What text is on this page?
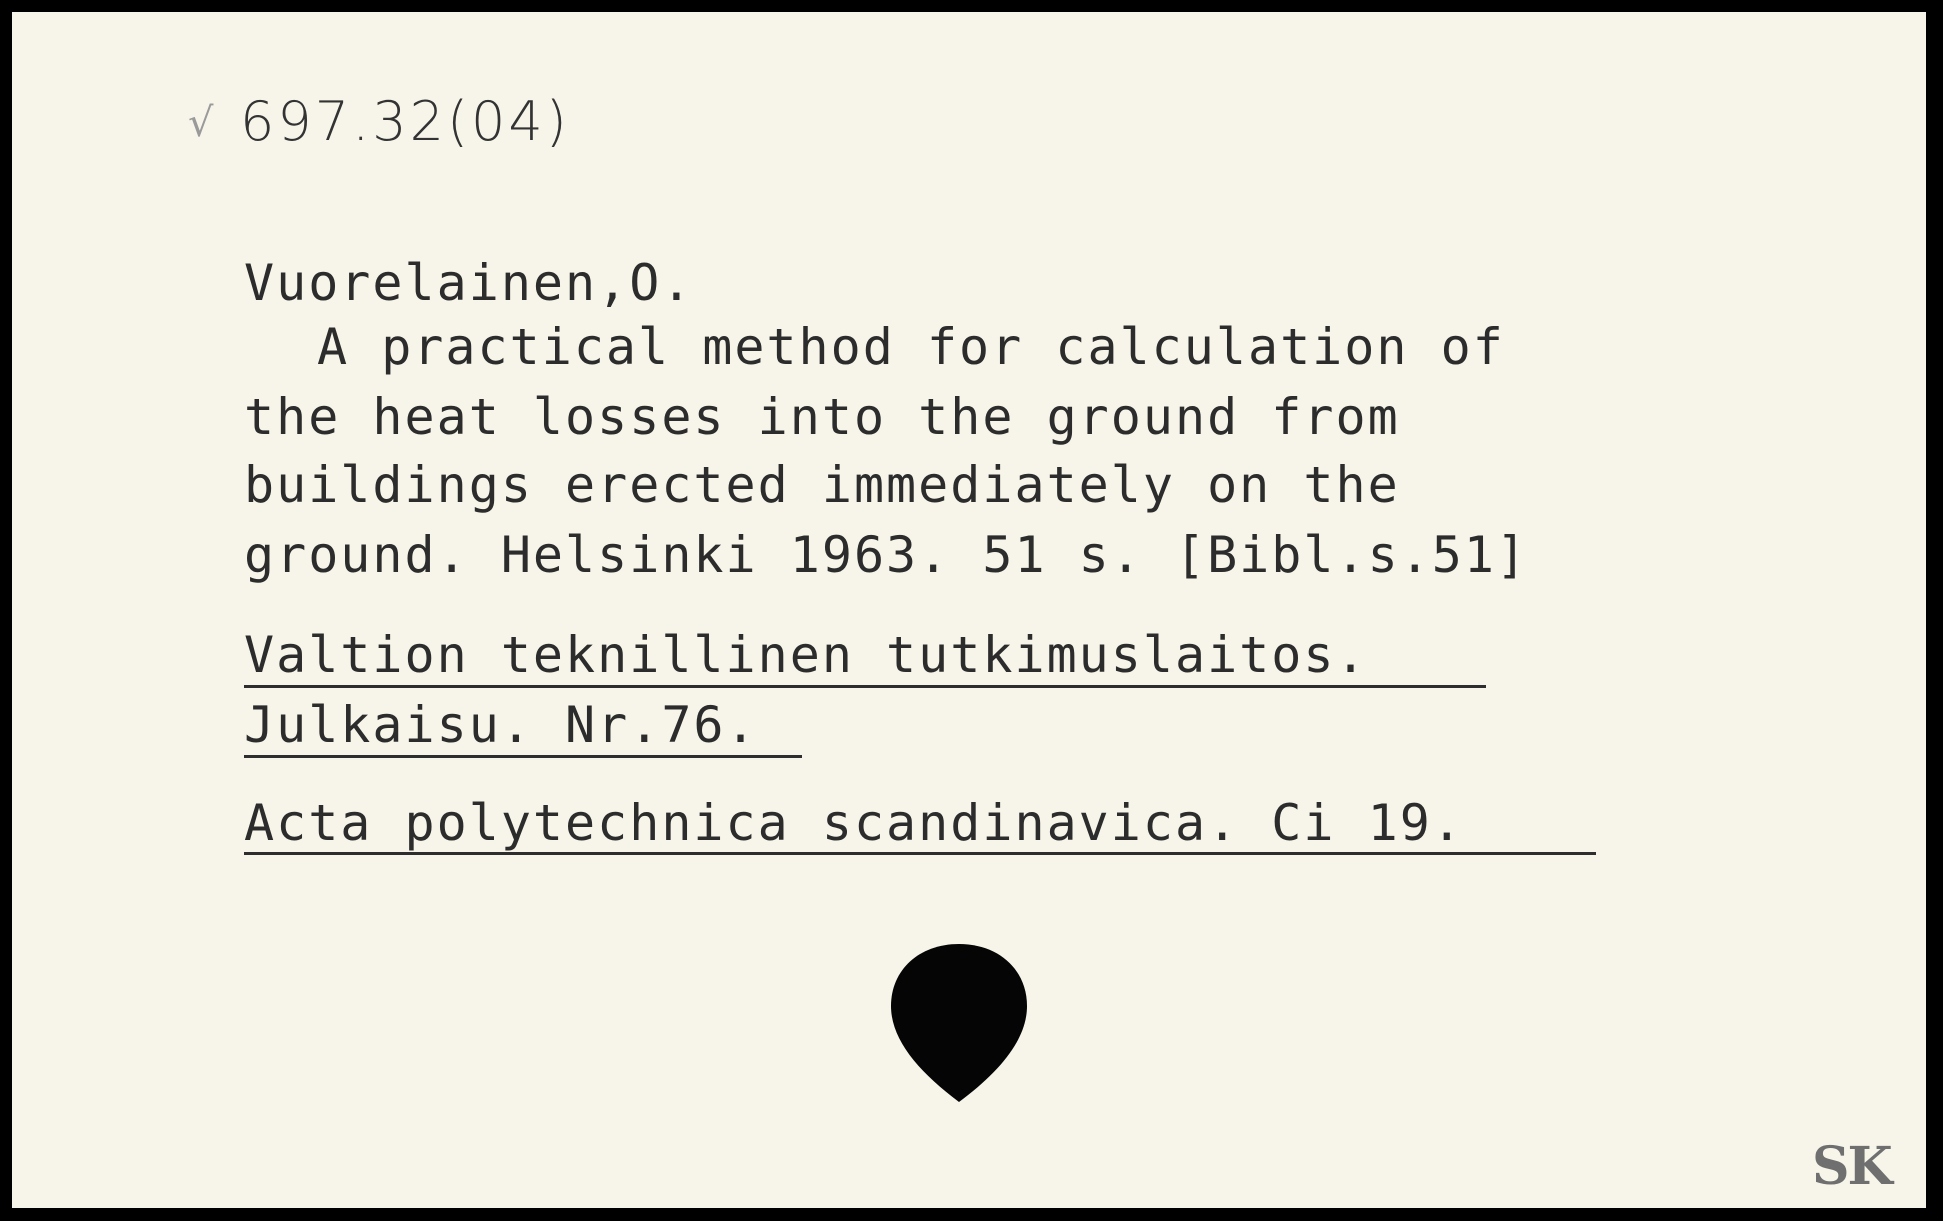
√ 697.32(04)
Vuorelainen,O.
A practical method for calculation of
the heat losses into the ground from
buildings erected immediately on the
ground. Helsinki 1963. 51 s. [Bibl.s.51]
Valtion teknillinen tutkimuslaitos.
Julkaisu. Nr.76.
Acta polytechnica scandinavica. Ci 19.
SK
